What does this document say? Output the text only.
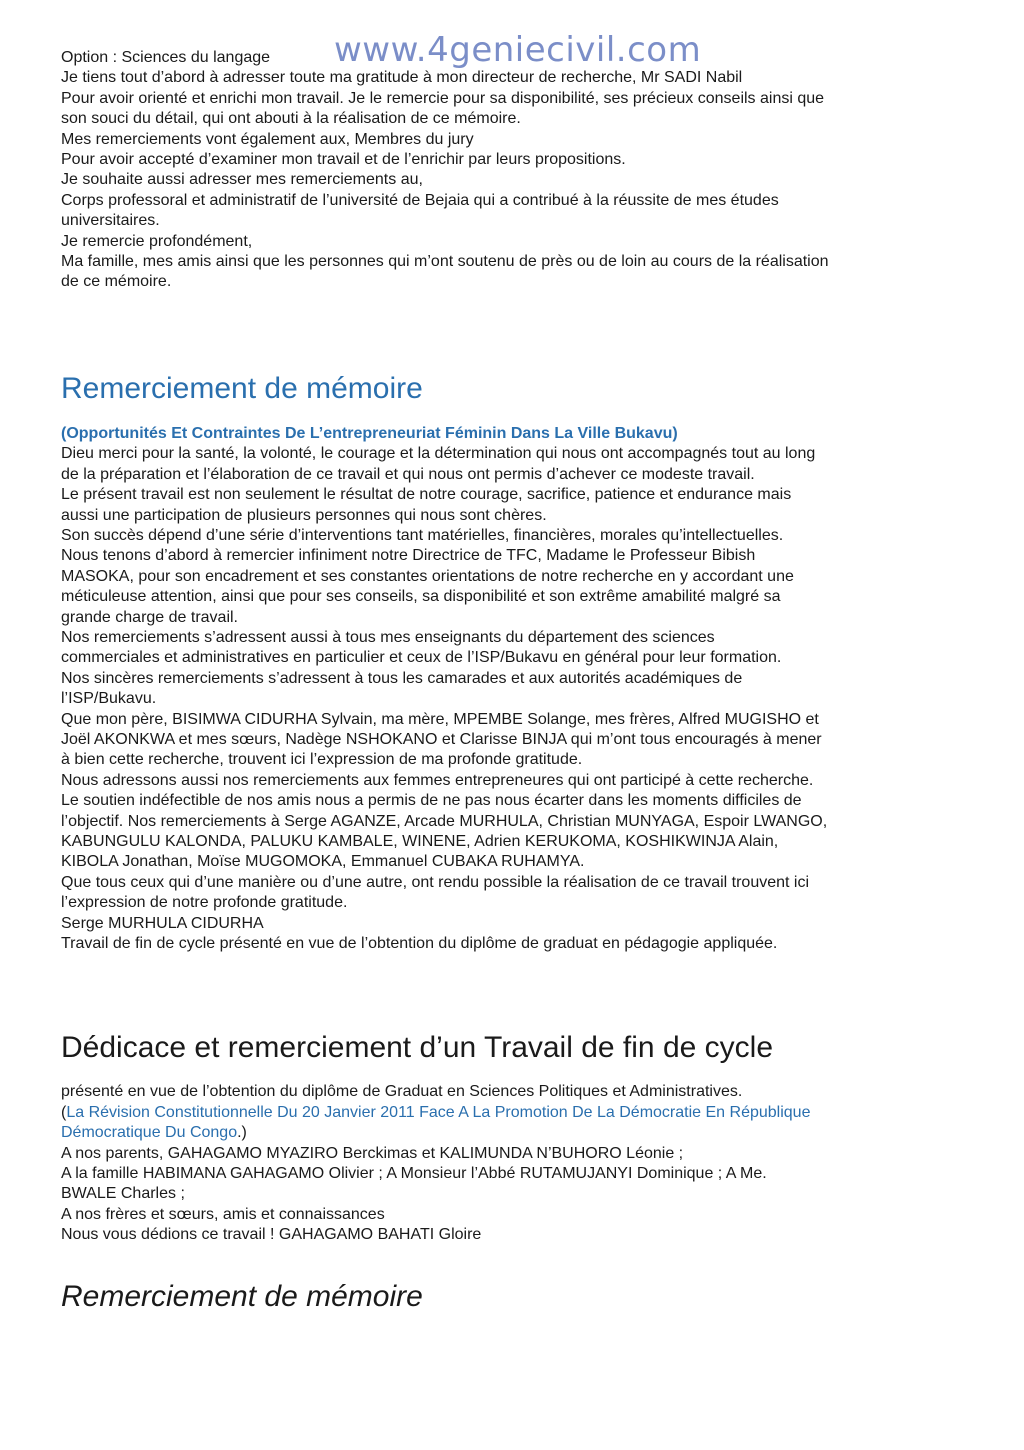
www.4geniecivil.com

Option : Sciences du langage

Je tiens tout d’abord à adresser toute ma gratitude à mon directeur de recherche, Mr SADI Nabil

Pour avoir orienté et enrichi mon travail. Je le remercie pour sa disponibilité, ses précieux conseils ainsi que

son souci du détail, qui ont abouti à la réalisation de ce mémoire.

Mes remerciements vont également aux, Membres du jury

Pour avoir accepté d’examiner mon travail et de l’enrichir par leurs propositions.

Je souhaite aussi adresser mes remerciements au,

Corps professoral et administratif de l’université de Bejaia qui a contribué à la réussite de mes études

universitaires.

Je remercie profondément,

Ma famille, mes amis ainsi que les personnes qui m’ont soutenu de près ou de loin au cours de la réalisation

de ce mémoire.

Remerciement de mémoire

(Opportunités Et Contraintes De L’entrepreneuriat Féminin Dans La Ville Bukavu)

Dieu merci pour la santé, la volonté, le courage et la détermination qui nous ont accompagnés tout au long

de la préparation et l’élaboration de ce travail et qui nous ont permis d’achever ce modeste travail.

Le présent travail est non seulement le résultat de notre courage, sacrifice, patience et endurance mais

aussi une participation de plusieurs personnes qui nous sont chères.

Son succès dépend d’une série d’interventions tant matérielles, financières, morales qu’intellectuelles.

Nous tenons d’abord à remercier infiniment notre Directrice de TFC, Madame le Professeur Bibish

MASOKA, pour son encadrement et ses constantes orientations de notre recherche en y accordant une

méticuleuse attention, ainsi que pour ses conseils, sa disponibilité et son extrême amabilité malgré sa

grande charge de travail.

Nos remerciements s’adressent aussi à tous mes enseignants du département des sciences

commerciales et administratives en particulier et ceux de l’ISP/Bukavu en général pour leur formation.

Nos sincères remerciements s’adressent à tous les camarades et aux autorités académiques de

l’ISP/Bukavu.

Que mon père, BISIMWA CIDURHA Sylvain, ma mère, MPEMBE Solange, mes frères, Alfred MUGISHO et

Joël AKONKWA et mes sœurs, Nadège NSHOKANO et Clarisse BINJA qui m’ont tous encouragés à mener

à bien cette recherche, trouvent ici l’expression de ma profonde gratitude.

Nous adressons aussi nos remerciements aux femmes entrepreneures qui ont participé à cette recherche.

Le soutien indéfectible de nos amis nous a permis de ne pas nous écarter dans les moments difficiles de

l’objectif. Nos remerciements à Serge AGANZE, Arcade MURHULA, Christian MUNYAGA, Espoir LWANGO,

KABUNGULU KALONDA, PALUKU KAMBALE, WINENE, Adrien KERUKOMA, KOSHIKWINJA Alain,

KIBOLA Jonathan, Moïse MUGOMOKA, Emmanuel CUBAKA RUHAMYA.

Que tous ceux qui d’une manière ou d’une autre, ont rendu possible la réalisation de ce travail trouvent ici

l’expression de notre profonde gratitude.

Serge MURHULA CIDURHA

Travail de fin de cycle présenté en vue de l’obtention du diplôme de graduat en pédagogie appliquée.

Dédicace et remerciement d’un Travail de fin de cycle

présenté en vue de l’obtention du diplôme de Graduat en Sciences Politiques et Administratives.

(La Révision Constitutionnelle Du 20 Janvier 2011 Face A La Promotion De La Démocratie En République

Démocratique Du Congo.)

A nos parents, GAHAGAMO MYAZIRO Berckimas et KALIMUNDA N’BUHORO Léonie ;

A la famille HABIMANA GAHAGAMO Olivier ; A Monsieur l’Abbé RUTAMUJANYI Dominique ; A Me.

BWALE Charles ;

A nos frères et sœurs, amis et connaissances

Nous vous dédions ce travail ! GAHAGAMO BAHATI Gloire

Remerciement de mémoire
